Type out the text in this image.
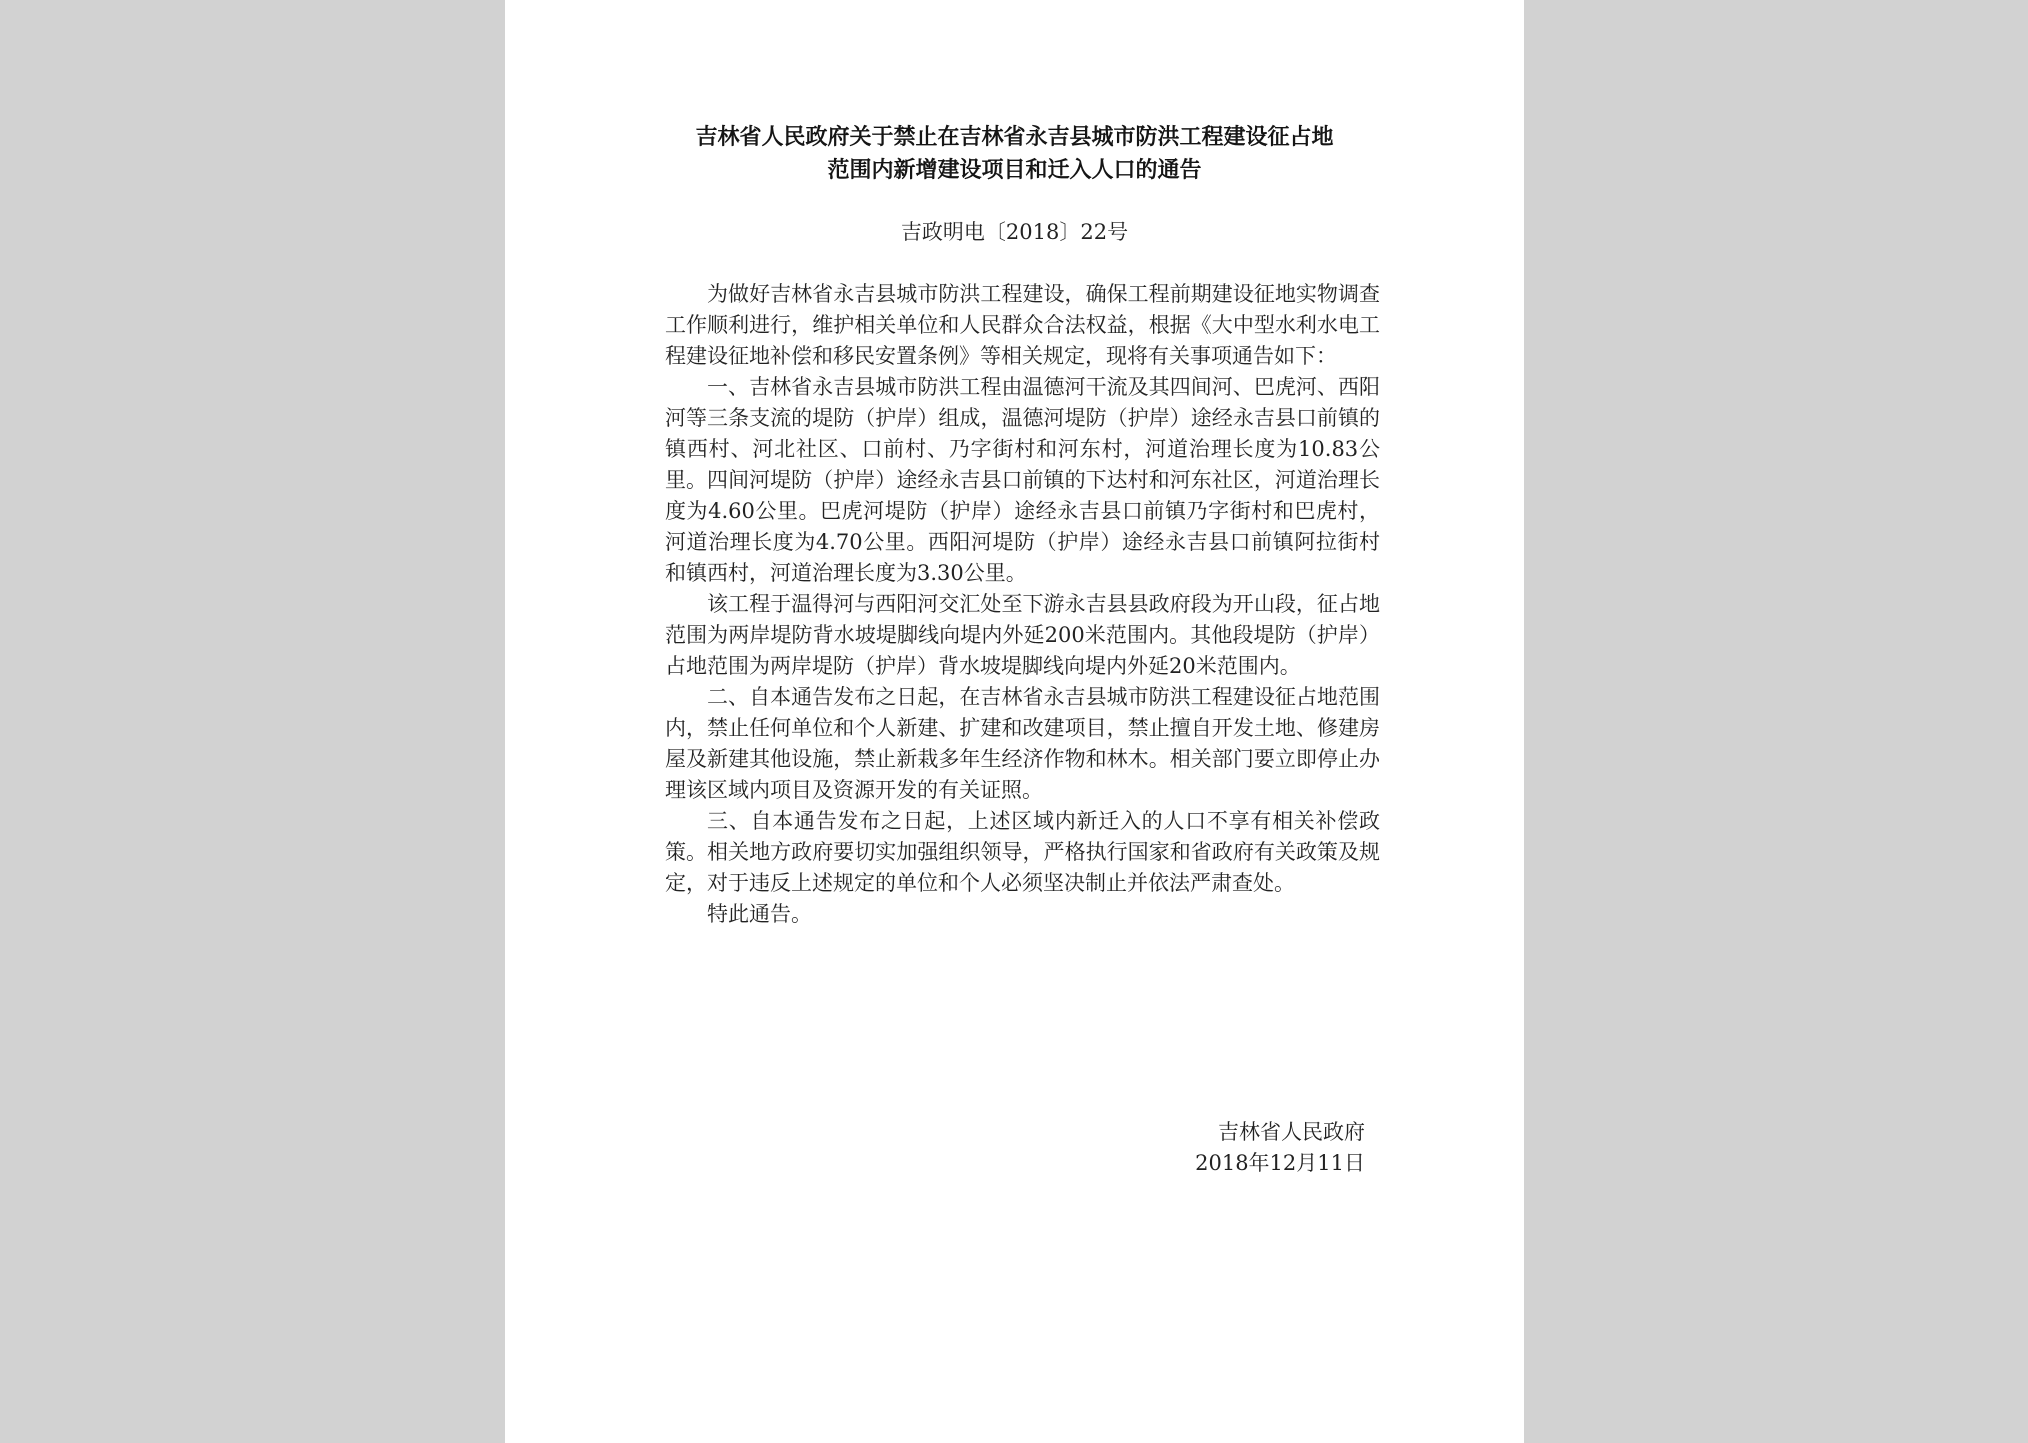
吉林省人民政府关于禁止在吉林省永吉县城市防洪工程建设征占地
范围内新增建设项目和迁入人口的通告
吉政明电〔2018〕22号

为做好吉林省永吉县城市防洪工程建设，确保工程前期建设征地实物调查工作顺利进行，维护相关单位和人民群众合法权益，根据《大中型水利水电工程建设征地补偿和移民安置条例》等相关规定，现将有关事项通告如下：

一、吉林省永吉县城市防洪工程由温德河干流及其四间河、巴虎河、西阳河等三条支流的堤防（护岸）组成，温德河堤防（护岸）途经永吉县口前镇的镇西村、河北社区、口前村、乃字街村和河东村，河道治理长度为10.83公里。四间河堤防（护岸）途经永吉县口前镇的下达村和河东社区，河道治理长度为4.60公里。巴虎河堤防（护岸）途经永吉县口前镇乃字街村和巴虎村，河道治理长度为4.70公里。西阳河堤防（护岸）途经永吉县口前镇阿拉街村和镇西村，河道治理长度为3.30公里。

该工程于温得河与西阳河交汇处至下游永吉县县政府段为开山段，征占地范围为两岸堤防背水坡堤脚线向堤内外延200米范围内。其他段堤防（护岸）占地范围为两岸堤防（护岸）背水坡堤脚线向堤内外延20米范围内。

二、自本通告发布之日起，在吉林省永吉县城市防洪工程建设征占地范围内，禁止任何单位和个人新建、扩建和改建项目，禁止擅自开发土地、修建房屋及新建其他设施，禁止新栽多年生经济作物和林木。相关部门要立即停止办理该区域内项目及资源开发的有关证照。

三、自本通告发布之日起，上述区域内新迁入的人口不享有相关补偿政策。相关地方政府要切实加强组织领导，严格执行国家和省政府有关政策及规定，对于违反上述规定的单位和个人必须坚决制止并依法严肃查处。

特此通告。

吉林省人民政府
2018年12月11日
